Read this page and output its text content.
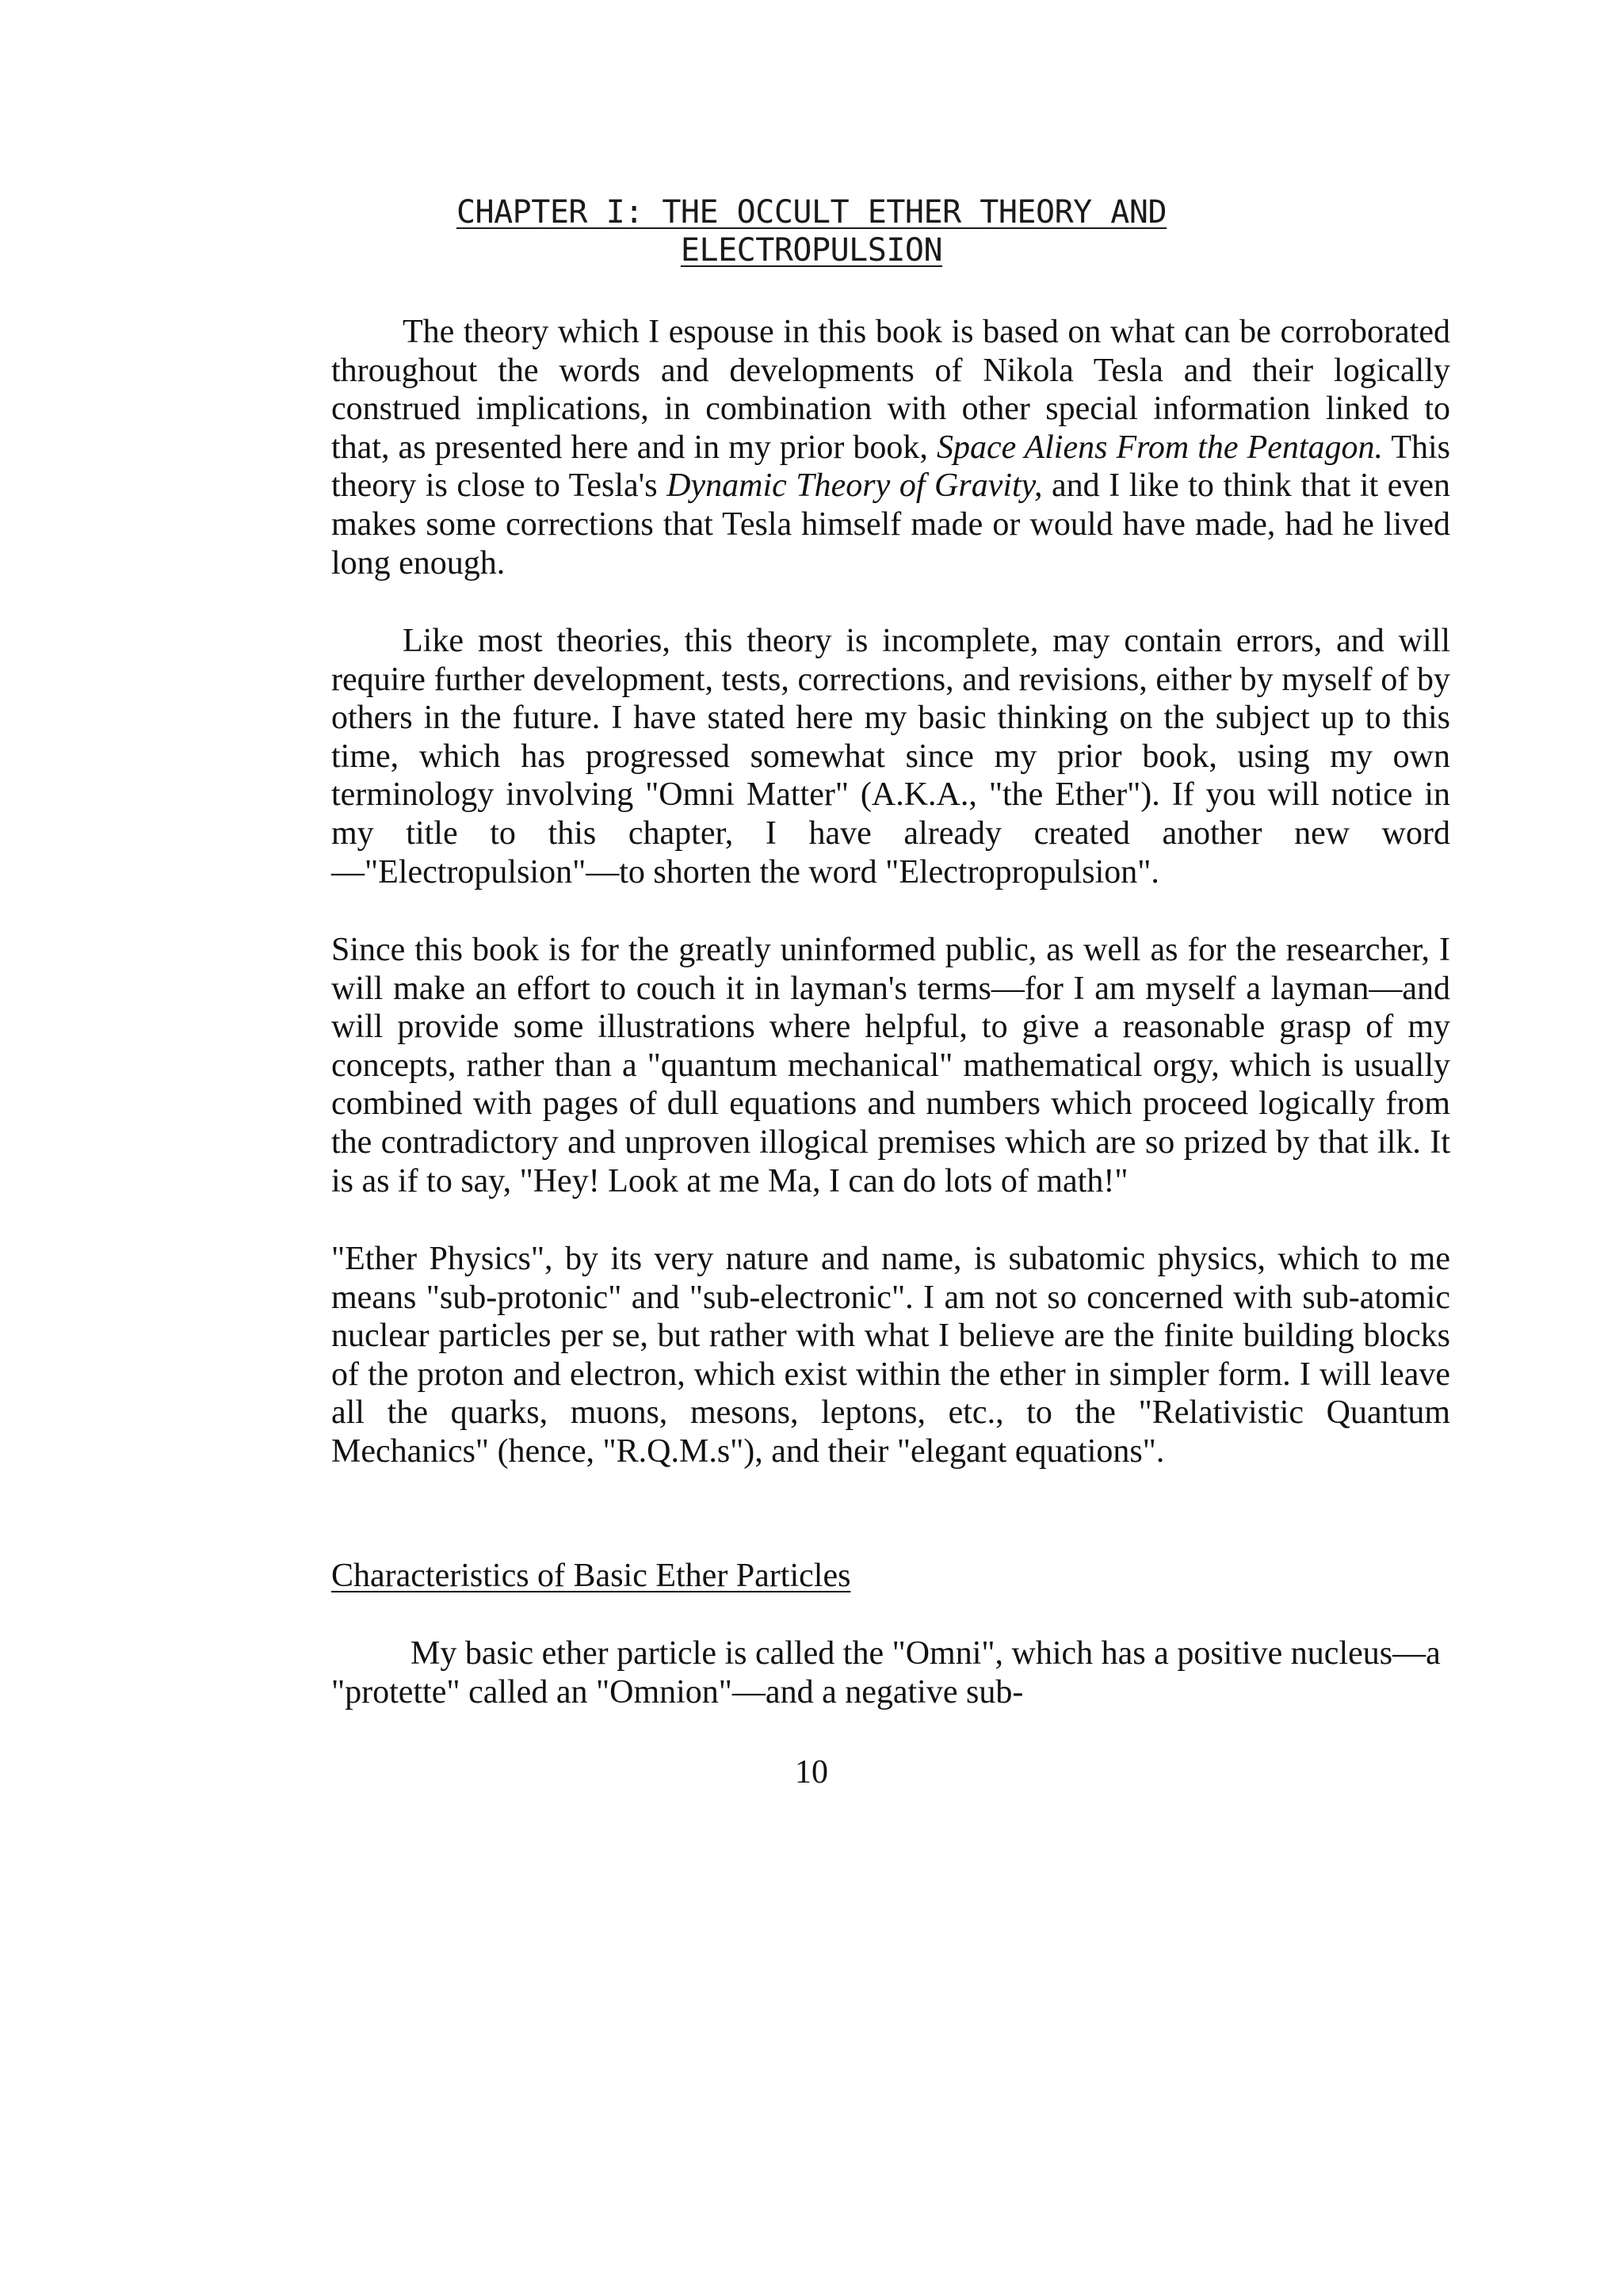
CHAPTER I: THE OCCULT ETHER THEORY AND
ELECTROPULSION

The theory which I espouse in this book is based on what can be corroborated throughout the words and developments of Nikola Tesla and their logically construed implications, in combination with other special information linked to that, as presented here and in my prior book, Space Aliens From the Pentagon. This theory is close to Tesla's Dynamic Theory of Gravity, and I like to think that it even makes some corrections that Tesla himself made or would have made, had he lived long enough.

Like most theories, this theory is incomplete, may contain errors, and will require further development, tests, corrections, and revisions, either by myself of by others in the future. I have stated here my basic thinking on the subject up to this time, which has progressed somewhat since my prior book, using my own terminology involving "Omni Matter" (A.K.A., "the Ether"). If you will notice in my title to this chapter, I have already created another new word—"Electropulsion"—to shorten the word "Electropropulsion".

Since this book is for the greatly uninformed public, as well as for the researcher, I will make an effort to couch it in layman's terms—for I am myself a layman—and will provide some illustrations where helpful, to give a reasonable grasp of my concepts, rather than a "quantum mechanical" mathematical orgy, which is usually combined with pages of dull equations and numbers which proceed logically from the contradictory and unproven illogical premises which are so prized by that ilk. It is as if to say, "Hey! Look at me Ma, I can do lots of math!"

"Ether Physics", by its very nature and name, is subatomic physics, which to me means "sub-protonic" and "sub-electronic". I am not so concerned with sub-atomic nuclear particles per se, but rather with what I believe are the finite building blocks of the proton and electron, which exist within the ether in simpler form. I will leave all the quarks, muons, mesons, leptons, etc., to the "Relativistic Quantum Mechanics" (hence, "R.Q.M.s"), and their "elegant equations".

Characteristics of Basic Ether Particles

My basic ether particle is called the "Omni", which has a positive nucleus—a "protette" called an "Omnion"—and a negative sub-

10
